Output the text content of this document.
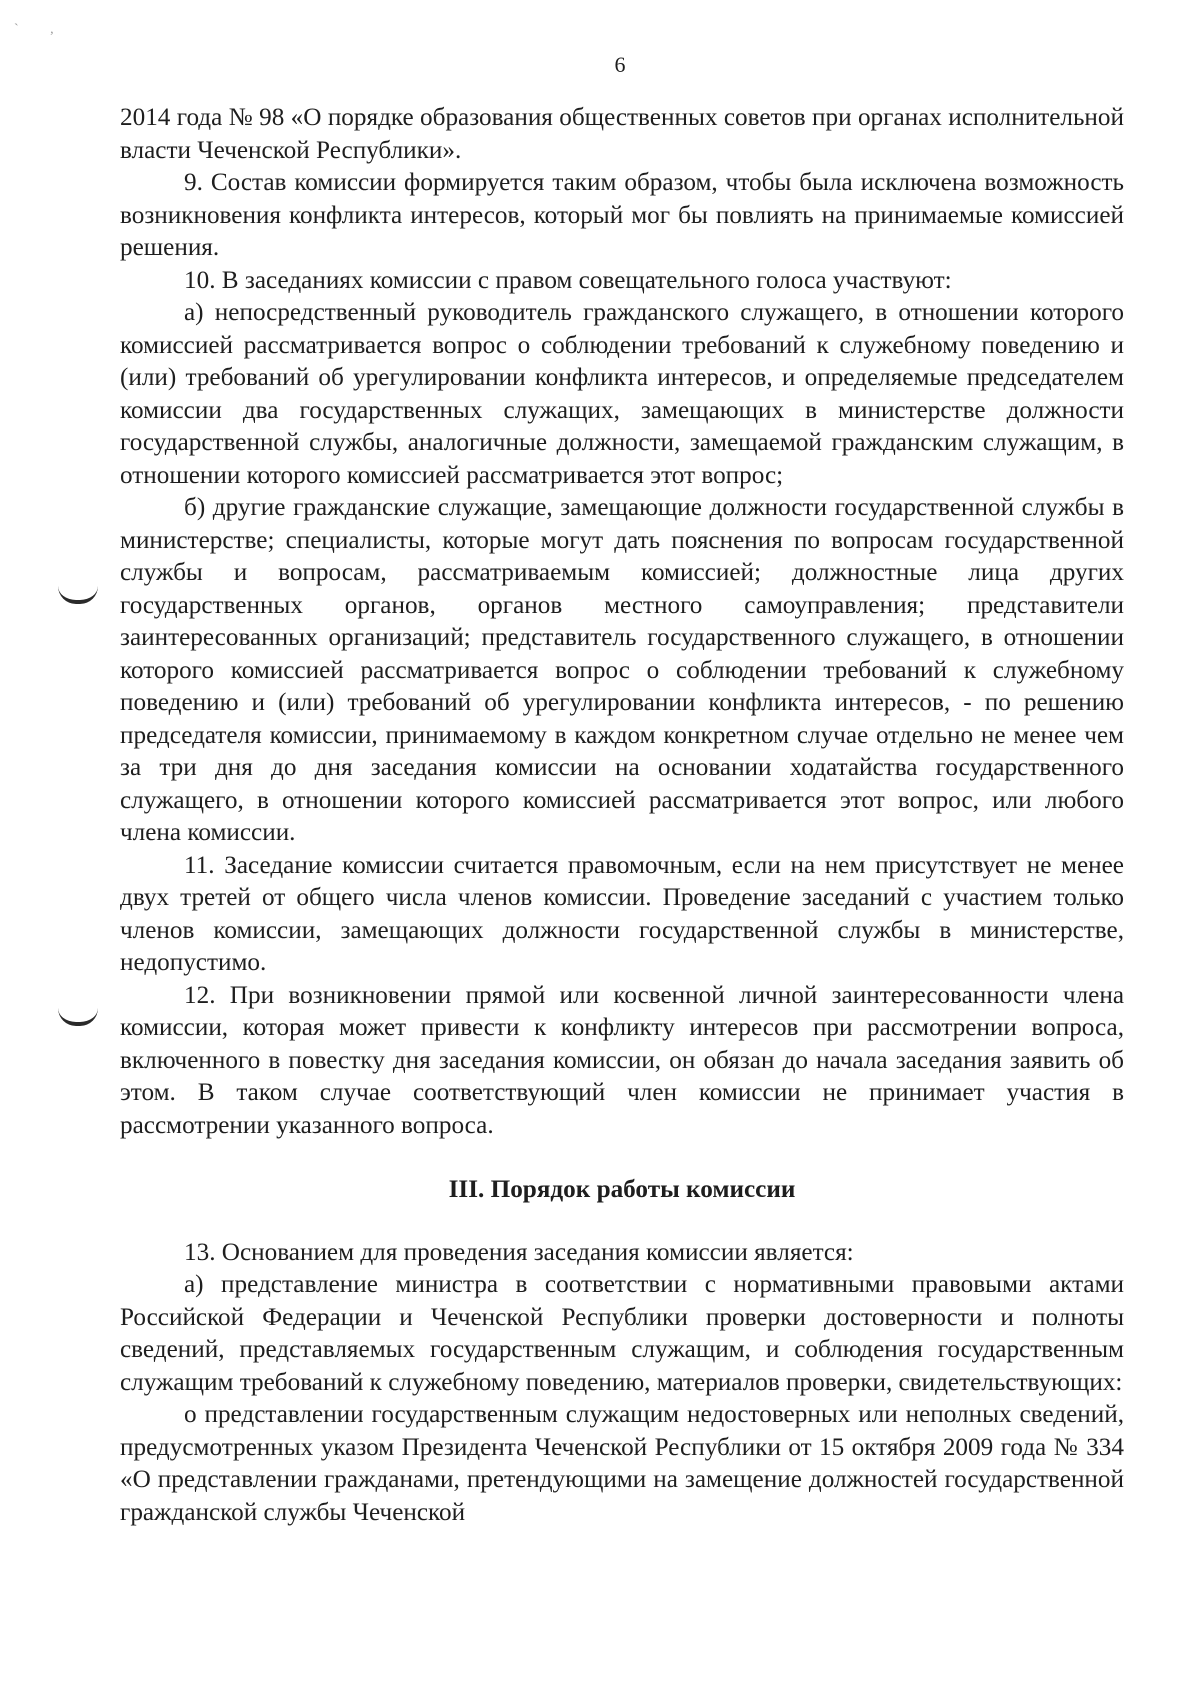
` ,
6

2014 года № 98 «О порядке образования общественных советов при органах исполнительной власти Чеченской Республики».

9. Состав комиссии формируется таким образом, чтобы была исключена возможность возникновения конфликта интересов, который мог бы повлиять на принимаемые комиссией решения.

10. В заседаниях комиссии с правом совещательного голоса участвуют:

а) непосредственный руководитель гражданского служащего, в отношении которого комиссией рассматривается вопрос о соблюдении требований к служебному поведению и (или) требований об урегулировании конфликта интересов, и определяемые председателем комиссии два государственных служащих, замещающих в министерстве должности государственной службы, аналогичные должности, замещаемой гражданским служащим, в отношении которого комиссией рассматривается этот вопрос;

б) другие гражданские служащие, замещающие должности государственной службы в министерстве; специалисты, которые могут дать пояснения по вопросам государственной службы и вопросам, рассматриваемым комиссией; должностные лица других государственных органов, органов местного самоуправления; представители заинтересованных организаций; представитель государственного служащего, в отношении которого комиссией рассматривается вопрос о соблюдении требований к служебному поведению и (или) требований об урегулировании конфликта интересов, - по решению председателя комиссии, принимаемому в каждом конкретном случае отдельно не менее чем за три дня до дня заседания комиссии на основании ходатайства государственного служащего, в отношении которого комиссией рассматривается этот вопрос, или любого члена комиссии.

11. Заседание комиссии считается правомочным, если на нем присутствует не менее двух третей от общего числа членов комиссии. Проведение заседаний с участием только членов комиссии, замещающих должности государственной службы в министерстве, недопустимо.

12. При возникновении прямой или косвенной личной заинтересованности члена комиссии, которая может привести к конфликту интересов при рассмотрении вопроса, включенного в повестку дня заседания комиссии, он обязан до начала заседания заявить об этом. В таком случае соответствующий член комиссии не принимает участия в рассмотрении указанного вопроса.

III. Порядок работы комиссии

13. Основанием для проведения заседания комиссии является:

а) представление министра в соответствии с нормативными правовыми актами Российской Федерации и Чеченской Республики проверки достоверности и полноты сведений, представляемых государственным служащим, и соблюдения государственным служащим требований к служебному поведению, материалов проверки, свидетельствующих:

о представлении государственным служащим недостоверных или неполных сведений, предусмотренных указом Президента Чеченской Республики от 15 октября 2009 года № 334 «О представлении гражданами, претендующими на замещение должностей государственной гражданской службы Чеченской
